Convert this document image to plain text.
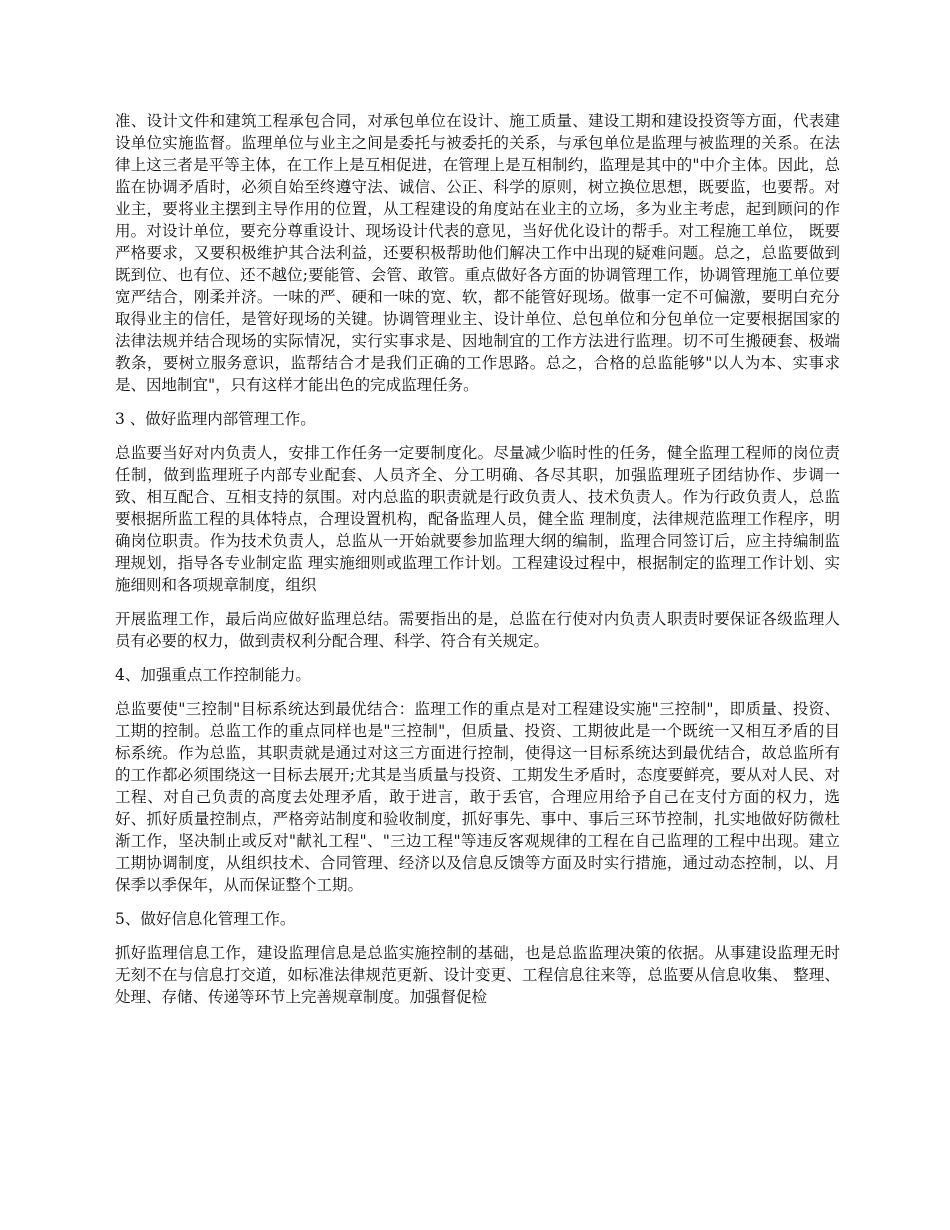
准、设计文件和建筑工程承包合同，对承包单位在设计、施工质量、建设工期和建设投资等方面，代表建设单位实施监督。监理单位与业主之间是委托与被委托的关系，与承包单位是监理与被监理的关系。在法律上这三者是平等主体，在工作上是互相促进，在管理上是互相制约，监理是其中的"中介主体。因此，总监在协调矛盾时，必须自始至终遵守法、诚信、公正、科学的原则，树立换位思想，既要监，也要帮。对业主，要将业主摆到主导作用的位置，从工程建设的角度站在业主的立场，多为业主考虑，起到顾问的作用。对设计单位，要充分尊重设计、现场设计代表的意见，当好优化设计的帮手。对工程施工单位， 既要严格要求，又要积极维护其合法利益，还要积极帮助他们解决工作中出现的疑难问题。总之，总监要做到既到位、也有位、还不越位;要能管、会管、敢管。重点做好各方面的协调管理工作，协调管理施工单位要宽严结合，刚柔并济。一味的严、硬和一味的宽、软，都不能管好现场。做事一定不可偏激，要明白充分取得业主的信任，是管好现场的关键。协调管理业主、设计单位、总包单位和分包单位一定要根据国家的法律法规并结合现场的实际情况，实行实事求是、因地制宜的工作方法进行监理。切不可生搬硬套、极端教条，要树立服务意识，监帮结合才是我们正确的工作思路。总之，合格的总监能够"以人为本、实事求是、因地制宜"，只有这样才能出色的完成监理任务。

3 、做好监理内部管理工作。

总监要当好对内负责人，安排工作任务一定要制度化。尽量减少临时性的任务，健全监理工程师的岗位责任制，做到监理班子内部专业配套、人员齐全、分工明确、各尽其职，加强监理班子团结协作、步调一致、相互配合、互相支持的氛围。对内总监的职责就是行政负责人、技术负责人。作为行政负责人，总监要根据所监工程的具体特点，合理设置机构，配备监理人员，健全监 理制度，法律规范监理工作程序，明确岗位职责。作为技术负责人，总监从一开始就要参加监理大纲的编制，监理合同签订后，应主持编制监理规划，指导各专业制定监 理实施细则或监理工作计划。工程建设过程中，根据制定的监理工作计划、实施细则和各项规章制度，组织

开展监理工作，最后尚应做好监理总结。需要指出的是，总监在行使对内负责人职责时要保证各级监理人员有必要的权力，做到责权利分配合理、科学、符合有关规定。

4、加强重点工作控制能力。

总监要使"三控制"目标系统达到最优结合：监理工作的重点是对工程建设实施"三控制"，即质量、投资、工期的控制。总监工作的重点同样也是"三控制"，但质量、投资、工期彼此是一个既统一又相互矛盾的目标系统。作为总监，其职责就是通过对这三方面进行控制，使得这一目标系统达到最优结合，故总监所有的工作都必须围绕这一目标去展开;尤其是当质量与投资、工期发生矛盾时，态度要鲜亮，要从对人民、对工程、对自己负责的高度去处理矛盾，敢于进言，敢于丢官，合理应用给予自己在支付方面的权力，选好、抓好质量控制点，严格旁站制度和验收制度，抓好事先、事中、事后三环节控制，扎实地做好防微杜渐工作，坚决制止或反对"献礼工程"、"三边工程"等违反客观规律的工程在自己监理的工程中出现。建立工期协调制度，从组织技术、合同管理、经济以及信息反馈等方面及时实行措施，通过动态控制，以、月保季以季保年，从而保证整个工期。

5、做好信息化管理工作。

抓好监理信息工作，建设监理信息是总监实施控制的基础，也是总监监理决策的依据。从事建设监理无时无刻不在与信息打交道，如标准法律规范更新、设计变更、工程信息往来等，总监要从信息收集、 整理、处理、存储、传递等环节上完善规章制度。加强督促检
